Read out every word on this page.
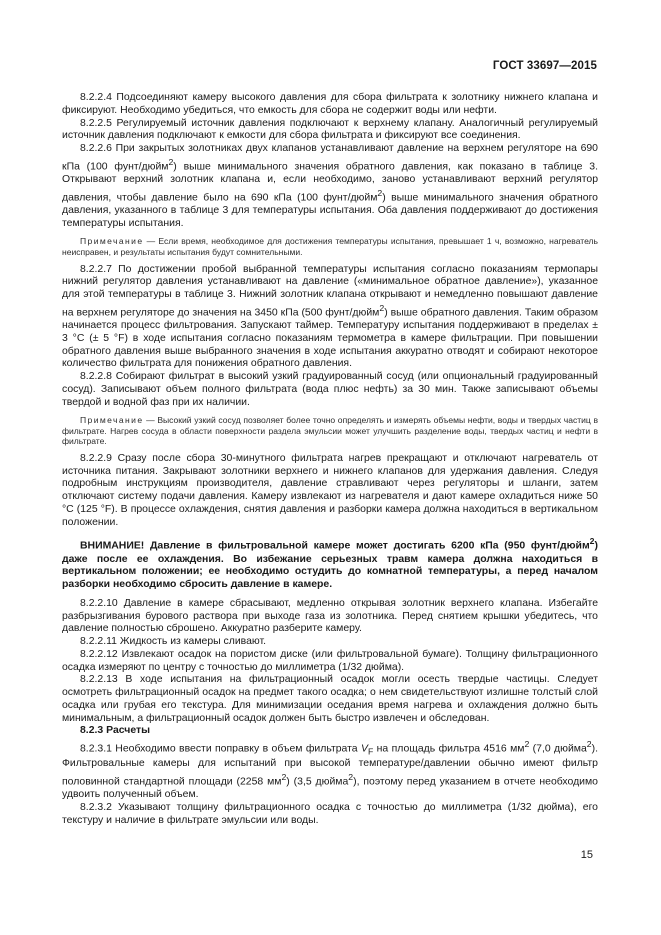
ГОСТ 33697—2015

8.2.2.4 Подсоединяют камеру высокого давления для сбора фильтрата к золотнику нижнего клапана и фиксируют. Необходимо убедиться, что емкость для сбора не содержит воды или нефти.

8.2.2.5 Регулируемый источник давления подключают к верхнему клапану. Аналогичный регулируемый источник давления подключают к емкости для сбора фильтрата и фиксируют все соединения.

8.2.2.6 При закрытых золотниках двух клапанов устанавливают давление на верхнем регуляторе на 690 кПа (100 фунт/дюйм$^2$) выше минимального значения обратного давления, как показано в таблице 3. Открывают верхний золотник клапана и, если необходимо, заново устанавливают верхний регулятор давления, чтобы давление было на 690 кПа (100 фунт/дюйм$^2$) выше минимального значения обратного давления, указанного в таблице 3 для температуры испытания. Оба давления поддерживают до достижения температуры испытания.

Примечание — Если время, необходимое для достижения температуры испытания, превышает 1 ч, возможно, нагреватель неисправен, и результаты испытания будут сомнительными.

8.2.2.7 По достижении пробой выбранной температуры испытания согласно показаниям термопары нижний регулятор давления устанавливают на давление («минимальное обратное давление»), указанное для этой температуры в таблице 3. Нижний золотник клапана открывают и немедленно повышают давление на верхнем регуляторе до значения на 3450 кПа (500 фунт/дюйм$^2$) выше обратного давления. Таким образом начинается процесс фильтрования. Запускают таймер. Температуру испытания поддерживают в пределах ± 3 °С (± 5 °F) в ходе испытания согласно показаниям термометра в камере фильтрации. При повышении обратного давления выше выбранного значения в ходе испытания аккуратно отводят и собирают некоторое количество фильтрата для понижения обратного давления.

8.2.2.8 Собирают фильтрат в высокий узкий градуированный сосуд (или опциональный градуированный сосуд). Записывают объем полного фильтрата (вода плюс нефть) за 30 мин. Также записывают объемы твердой и водной фаз при их наличии.

Примечание — Высокий узкий сосуд позволяет более точно определять и измерять объемы нефти, воды и твердых частиц в фильтрате. Нагрев сосуда в области поверхности раздела эмульсии может улучшить разделение воды, твердых частиц и нефти в фильтрате.

8.2.2.9 Сразу после сбора 30-минутного фильтрата нагрев прекращают и отключают нагреватель от источника питания. Закрывают золотники верхнего и нижнего клапанов для удержания давления. Следуя подробным инструкциям производителя, давление стравливают через регуляторы и шланги, затем отключают систему подачи давления. Камеру извлекают из нагревателя и дают камере охладиться ниже 50 °С (125 °F). В процессе охлаждения, снятия давления и разборки камера должна находиться в вертикальном положении.

ВНИМАНИЕ! Давление в фильтровальной камере может достигать 6200 кПа (950 фунт/дюйм$^2$) даже после ее охлаждения. Во избежание серьезных травм камера должна находиться в вертикальном положении; ее необходимо остудить до комнатной температуры, а перед началом разборки необходимо сбросить давление в камере.

8.2.2.10 Давление в камере сбрасывают, медленно открывая золотник верхнего клапана. Избегайте разбрызгивания бурового раствора при выходе газа из золотника. Перед снятием крышки убедитесь, что давление полностью сброшено. Аккуратно разберите камеру.

8.2.2.11 Жидкость из камеры сливают.

8.2.2.12 Извлекают осадок на пористом диске (или фильтровальной бумаге). Толщину фильтрационного осадка измеряют по центру с точностью до миллиметра (1/32 дюйма).

8.2.2.13 В ходе испытания на фильтрационный осадок могли осесть твердые частицы. Следует осмотреть фильтрационный осадок на предмет такого осадка; о нем свидетельствуют излишне толстый слой осадка или грубая его текстура. Для минимизации оседания время нагрева и охлаждения должно быть минимальным, а фильтрационный осадок должен быть быстро извлечен и обследован.

8.2.3 Расчеты

8.2.3.1 Необходимо ввести поправку в объем фильтрата $V_F$ на площадь фильтра 4516 $мм^2$ (7,0 дюйма$^2$). Фильтровальные камеры для испытаний при высокой температуре/давлении обычно имеют фильтр половинной стандартной площади (2258 $мм^2$) (3,5 дюйма$^2$), поэтому перед указанием в отчете необходимо удвоить полученный объем.

8.2.3.2 Указывают толщину фильтрационного осадка с точностью до миллиметра (1/32 дюйма), его текстуру и наличие в фильтрате эмульсии или воды.

15
